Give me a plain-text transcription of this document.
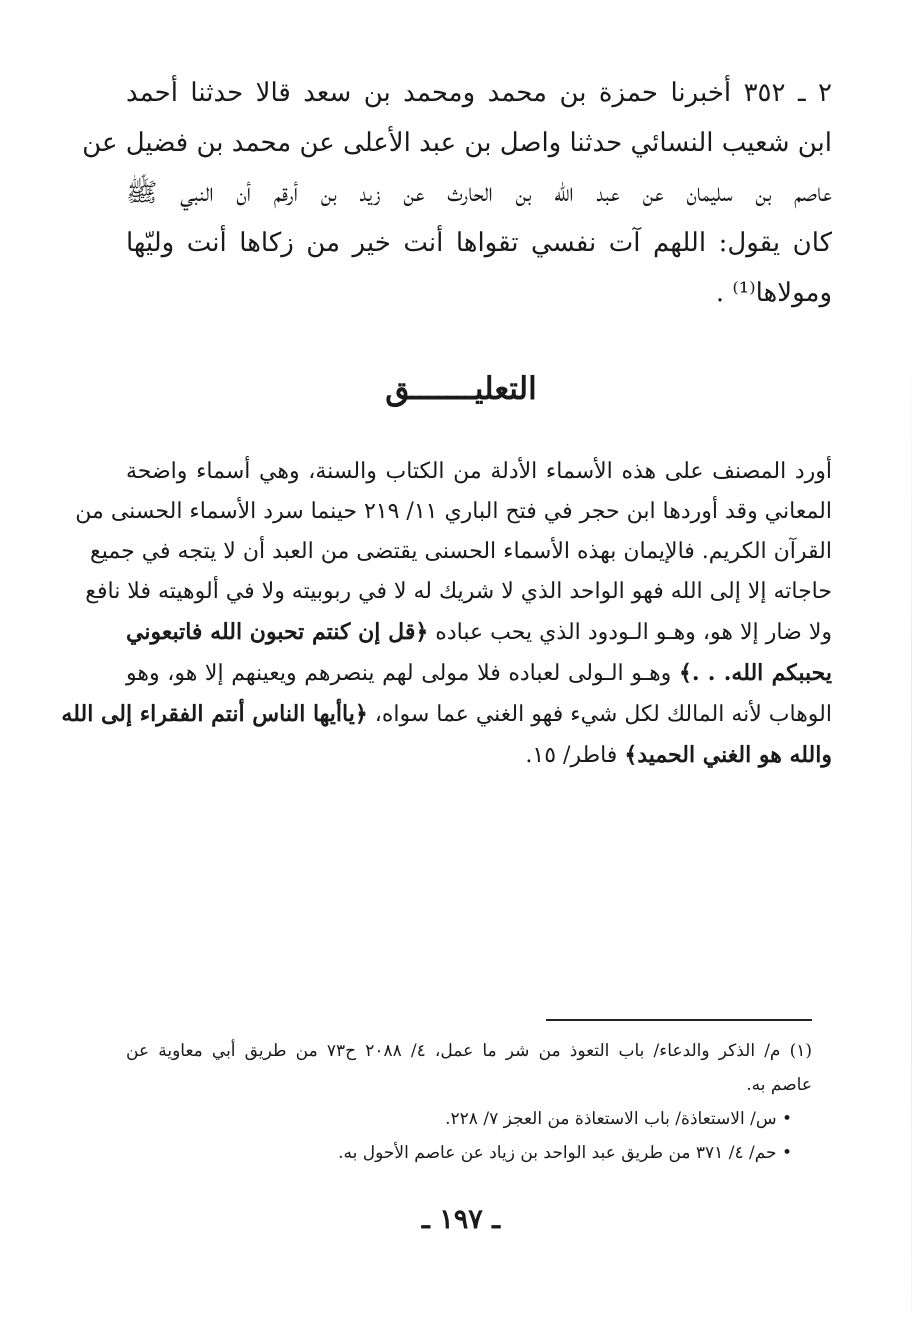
٢ ـ ٣٥٢ أخبرنا حمزة بن محمد ومحمد بن سعد قالا حدثنا أحمد
ابن شعيب النسائي حدثنا واصل بن عبد الأعلى عن محمد بن فضيل عن
عاصم بن سليمان عن عبد الله بن الحارث عن زيد بن أرقم أن النبي ﷺ
كان يقول: اللهم آت نفسي تقواها أنت خير من زكاها أنت وليّها
ومولاها⁽¹⁾ .
التعليـــــــق
أورد المصنف على هذه الأسماء الأدلة من الكتاب والسنة، وهي أسماء واضحة
المعاني وقد أوردها ابن حجر في فتح الباري ١١/ ٢١٩ حينما سرد الأسماء الحسنى من
القرآن الكريم. فالإيمان بهذه الأسماء الحسنى يقتضى من العبد أن لا يتجه في جميع
حاجاته إلا إلى الله فهو الواحد الذي لا شريك له لا في ربوبيته ولا في ألوهيته فلا نافع
ولا ضار إلا هو، وهـو الـودود الذي يحب عباده ﴿قل إن كنتم تحبون الله فاتبعوني
يحببكم الله. . .﴾ وهـو الـولى لعباده فلا مولى لهم ينصرهم ويعينهم إلا هو، وهو
الوهاب لأنه المالك لكل شيء فهو الغني عما سواه، ﴿ياأيها الناس أنتم الفقراء إلى الله
والله هو الغني الحميد﴾ فاطر/ ١٥.
(١) م/ الذكر والدعاء/ باب التعوذ من شر ما عمل، ٤/ ٢٠٨٨ ح٧٣ من طريق أبي معاوية عن
عاصم به.
• س/ الاستعاذة/ باب الاستعاذة من العجز ٧/ ٢٢٨.
• حم/ ٤/ ٣٧١ من طريق عبد الواحد بن زياد عن عاصم الأحول به.
ـ ١٩٧ ـ
